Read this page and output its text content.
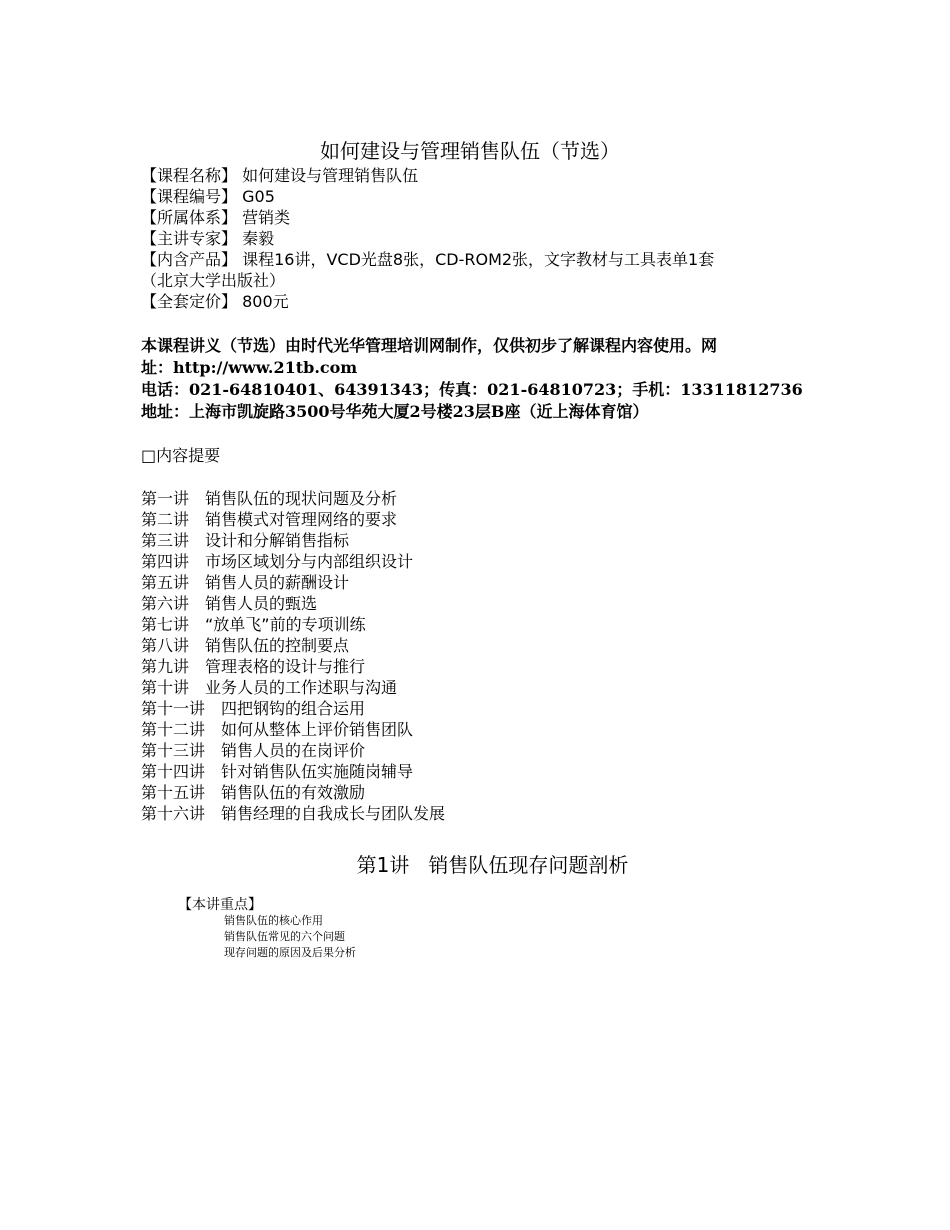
如何建设与管理销售队伍（节选）
【课程名称】 如何建设与管理销售队伍
【课程编号】 G05
【所属体系】 营销类
【主讲专家】 秦毅
【内含产品】 课程16讲，VCD光盘8张，CD-ROM2张，文字教材与工具表单1套
（北京大学出版社）
【全套定价】 800元
本课程讲义（节选）由时代光华管理培训网制作，仅供初步了解课程内容使用。网
址：http://www.21tb.com
电话：021-64810401、64391343；传真：021-64810723；手机：13311812736
地址：上海市凯旋路3500号华苑大厦2号楼23层B座（近上海体育馆）
□内容提要
第一讲 销售队伍的现状问题及分析
第二讲 销售模式对管理网络的要求
第三讲 设计和分解销售指标
第四讲 市场区域划分与内部组织设计
第五讲 销售人员的薪酬设计
第六讲 销售人员的甄选
第七讲 “放单飞”前的专项训练
第八讲 销售队伍的控制要点
第九讲 管理表格的设计与推行
第十讲 业务人员的工作述职与沟通
第十一讲 四把钢钩的组合运用
第十二讲 如何从整体上评价销售团队
第十三讲 销售人员的在岗评价
第十四讲 针对销售队伍实施随岗辅导
第十五讲 销售队伍的有效激励
第十六讲 销售经理的自我成长与团队发展
第1讲   销售队伍现存问题剖析
【本讲重点】
销售队伍的核心作用
销售队伍常见的六个问题
现存问题的原因及后果分析
